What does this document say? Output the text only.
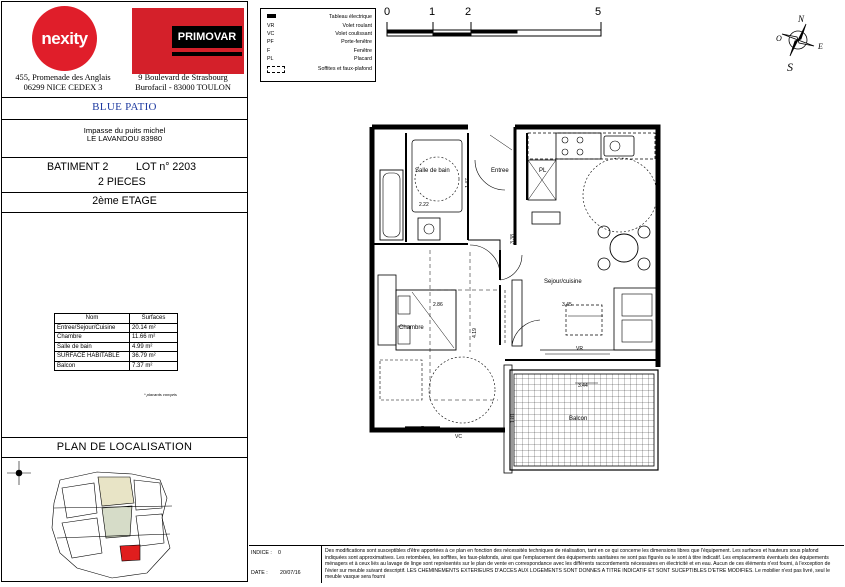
nexity	PRIMOVAR
455, Promenade des Anglais
06299 NICE CEDEX 3
9 Boulevard de Strasbourg
Burofacil - 83000 TOULON
BLUE PATIO
Impasse du puits michel
LE LAVANDOU 83980
BATIMENT 2	LOT n° 2203
2 PIECES
2ème ETAGE
PLAN DE LOCALISATION
Nom	Surfaces
Entree/Sejour/Cuisine	20.14 m²
Chambre	11.66 m²
Salle de bain	4.99 m²
SURFACE HABITABLE	36.79 m²
Balcon	7.37 m²
* placards compris
Tableau électrique
VR	Volet roulant
VC	Volet coulissant
PF	Porte-fenêtre
F	Fenêtre
PL	Placard
Soffites et faux-plafond
0	1	2	5
N
O
E
S
Salle de bain	Entree	PL
Sejour/cuisine
Chambre
Balcon
2.22
2.86
4.19
3.45
3.44
3.38
1.47
1.81
VR
VC
F
INDICE : 0
DATE : 20/07/16
Des modifications sont susceptibles d'être apportées à ce plan en fonction des nécessités techniques de réalisation, tant en ce qui concerne les dimensions libres que l'équipement. Les surfaces et hauteurs sous plafond indiquées sont approximatives. Les retombées, les soffites, les faux-plafonds, ainsi que l'emplacement des équipements sanitaires ne sont pas figurés ou le sont à titre indicatif. Les emplacements éventuels des équipements ménagers et à ceux liés au lavage de linge sont représentés sur le plan de vente en correspondance avec les différents raccordements nécessaires en électricité et en eau. Aucun de ces éléments n'est fourni, à l'exception de l'évier sur meuble suivant descriptif. LES CHEMINEMENTS EXTERIEURS D'ACCES AUX LOGEMENTS SONT DONNES A TITRE INDICATIF ET SONT SUCEPTIBLES D'ETRE MODIFIES. Le mobilier n'est pas livré, seul le meuble vasque sera fourni
